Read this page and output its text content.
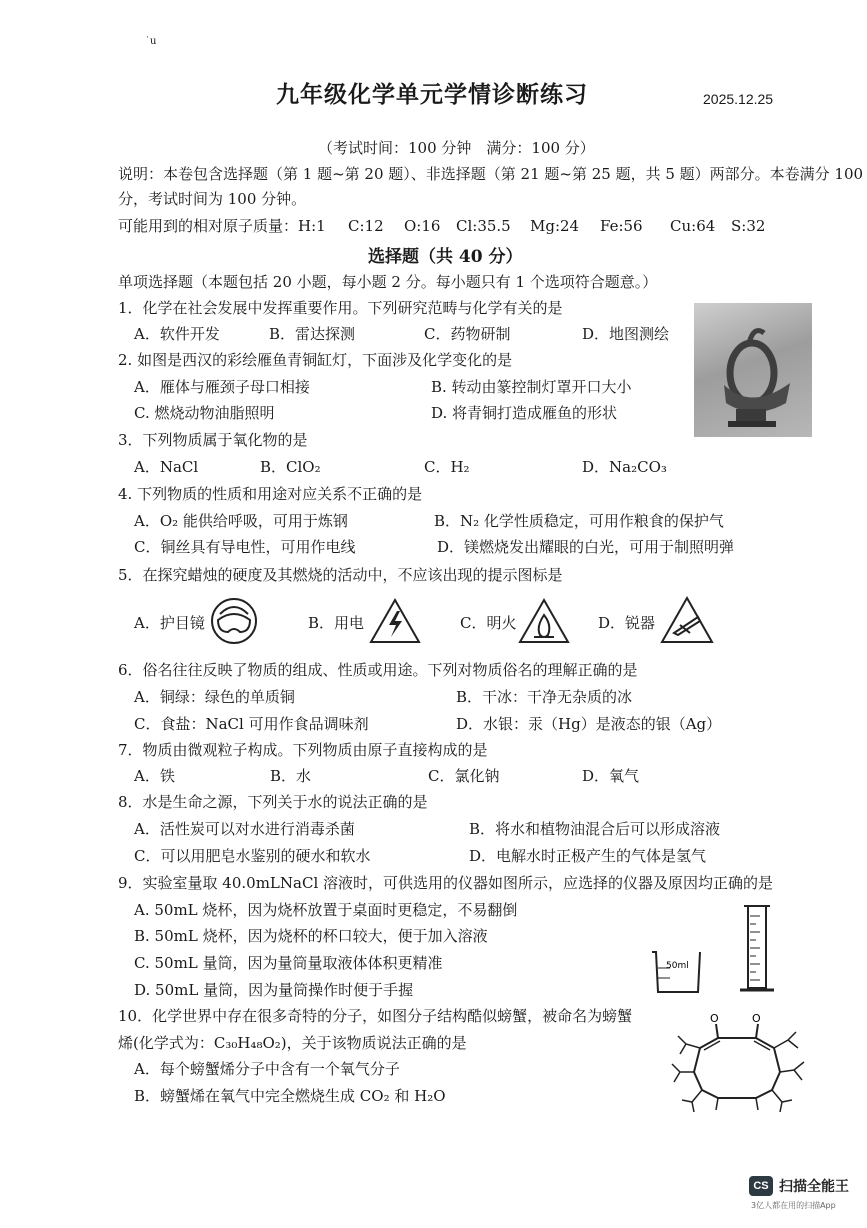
˙u
九年级化学单元学情诊断练习	2025.12.25
（考试时间：100 分钟　满分：100 分）
说明：本卷包含选择题（第 1 题~第 20 题）、非选择题（第 21 题~第 25 题，共 5 题）两部分。本卷满分 100
分，考试时间为 100 分钟。
可能用到的相对原子质量：H:1 C:12 O:16 Cl:35.5 Mg:24 Fe:56 Cu:64 S:32
选择题（共 40 分）
单项选择题（本题包括 20 小题，每小题 2 分。每小题只有 1 个选项符合题意。）
1．化学在社会发展中发挥重要作用。下列研究范畴与化学有关的是
A．软件开发	B．雷达探测	C．药物研制	D．地图测绘
2. 如图是西汉的彩绘雁鱼青铜缸灯，下面涉及化学变化的是
A．雁体与雁颈子母口相接	B. 转动由篆控制灯罩开口大小
C. 燃烧动物油脂照明	D. 将青铜打造成雁鱼的形状
3．下列物质属于氧化物的是
A．NaCl	B．ClO₂	C．H₂	D．Na₂CO₃
4. 下列物质的性质和用途对应关系不正确的是
A．O₂ 能供给呼吸，可用于炼钢	B．N₂ 化学性质稳定，可用作粮食的保护气
C．铜丝具有导电性，可用作电线	D．镁燃烧发出耀眼的白光，可用于制照明弹
5．在探究蜡烛的硬度及其燃烧的活动中，不应该出现的提示图标是
A．护目镜	B．用电	C．明火	D．锐器
6．俗名往往反映了物质的组成、性质或用途。下列对物质俗名的理解正确的是
A．铜绿：绿色的单质铜	B．干冰：干净无杂质的冰
C．食盐：NaCl 可用作食品调味剂	D．水银：汞（Hg）是液态的银（Ag）
7．物质由微观粒子构成。下列物质由原子直接构成的是
A．铁	B．水	C．氯化钠	D．氧气
8．水是生命之源，下列关于水的说法正确的是
A．活性炭可以对水进行消毒杀菌	B．将水和植物油混合后可以形成溶液
C．可以用肥皂水鉴别的硬水和软水	D．电解水时正极产生的气体是氢气
9．实验室量取 40.0mLNaCl 溶液时，可供选用的仪器如图所示，应选择的仪器及原因均正确的是
A. 50mL 烧杯，因为烧杯放置于桌面时更稳定，不易翻倒
B. 50mL 烧杯，因为烧杯的杯口较大，便于加入溶液
C. 50mL 量筒，因为量筒量取液体体积更精准
D. 50mL 量筒，因为量筒操作时便于手握
50ml
10．化学世界中存在很多奇特的分子，如图分子结构酷似螃蟹，被命名为螃蟹
烯(化学式为：C₃₀H₄₈O₂)，关于该物质说法正确的是
A．每个螃蟹烯分子中含有一个氧气分子
B．螃蟹烯在氧气中完全燃烧生成 CO₂ 和 H₂O
O	O
CS 扫描全能王
3亿人都在用的扫描App
